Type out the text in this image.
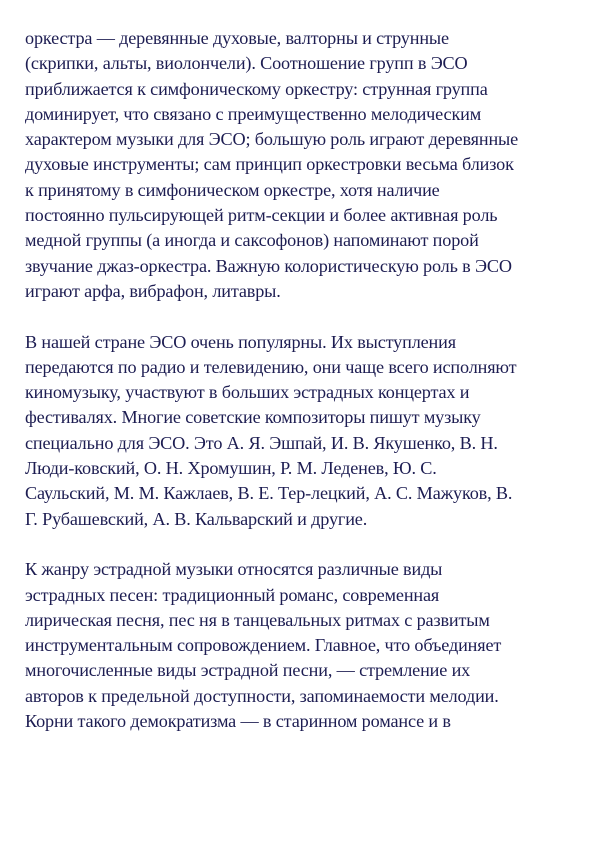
оркестра — деревянные духовые, валторны и струнные
(скрипки, альты, виолончели). Соотношение групп в ЭСО
приближается к симфоническому оркестру: струнная группа
доминирует, что связано с преимущественно мелодическим
характером музыки для ЭСО; большую роль играют деревянные
духовые инструменты; сам принцип оркестровки весьма близок
к принятому в симфоническом оркестре, хотя наличие
постоянно пульсирующей ритм-секции и более активная роль
медной группы (а иногда и саксофонов) напоминают порой
звучание джаз-оркестра. Важную колористическую роль в ЭСО
играют арфа, вибрафон, литавры.

В нашей стране ЭСО очень популярны. Их выступления
передаются по радио и телевидению, они чаще всего исполняют
киномузыку, участвуют в больших эстрадных концертах и
фестивалях. Многие советские композиторы пишут музыку
специально для ЭСО. Это А. Я. Эшпай, И. В. Якушенко, В. Н.
Люди-ковский, О. Н. Хромушин, Р. М. Леденев, Ю. С.
Саульский, М. М. Кажлаев, В. Е. Тер-лецкий, А. С. Мажуков, В.
Г. Рубашевский, А. В. Кальварский и другие.

К жанру эстрадной музыки относятся различные виды
эстрадных песен: традиционный романс, современная
лирическая песня, пес ня в танцевальных ритмах с развитым
инструментальным сопровождением. Главное, что объединяет
многочисленные виды эстрадной песни, — стремление их
авторов к предельной доступности, запоминаемости мелодии.
Корни такого демократизма — в старинном романсе и в
